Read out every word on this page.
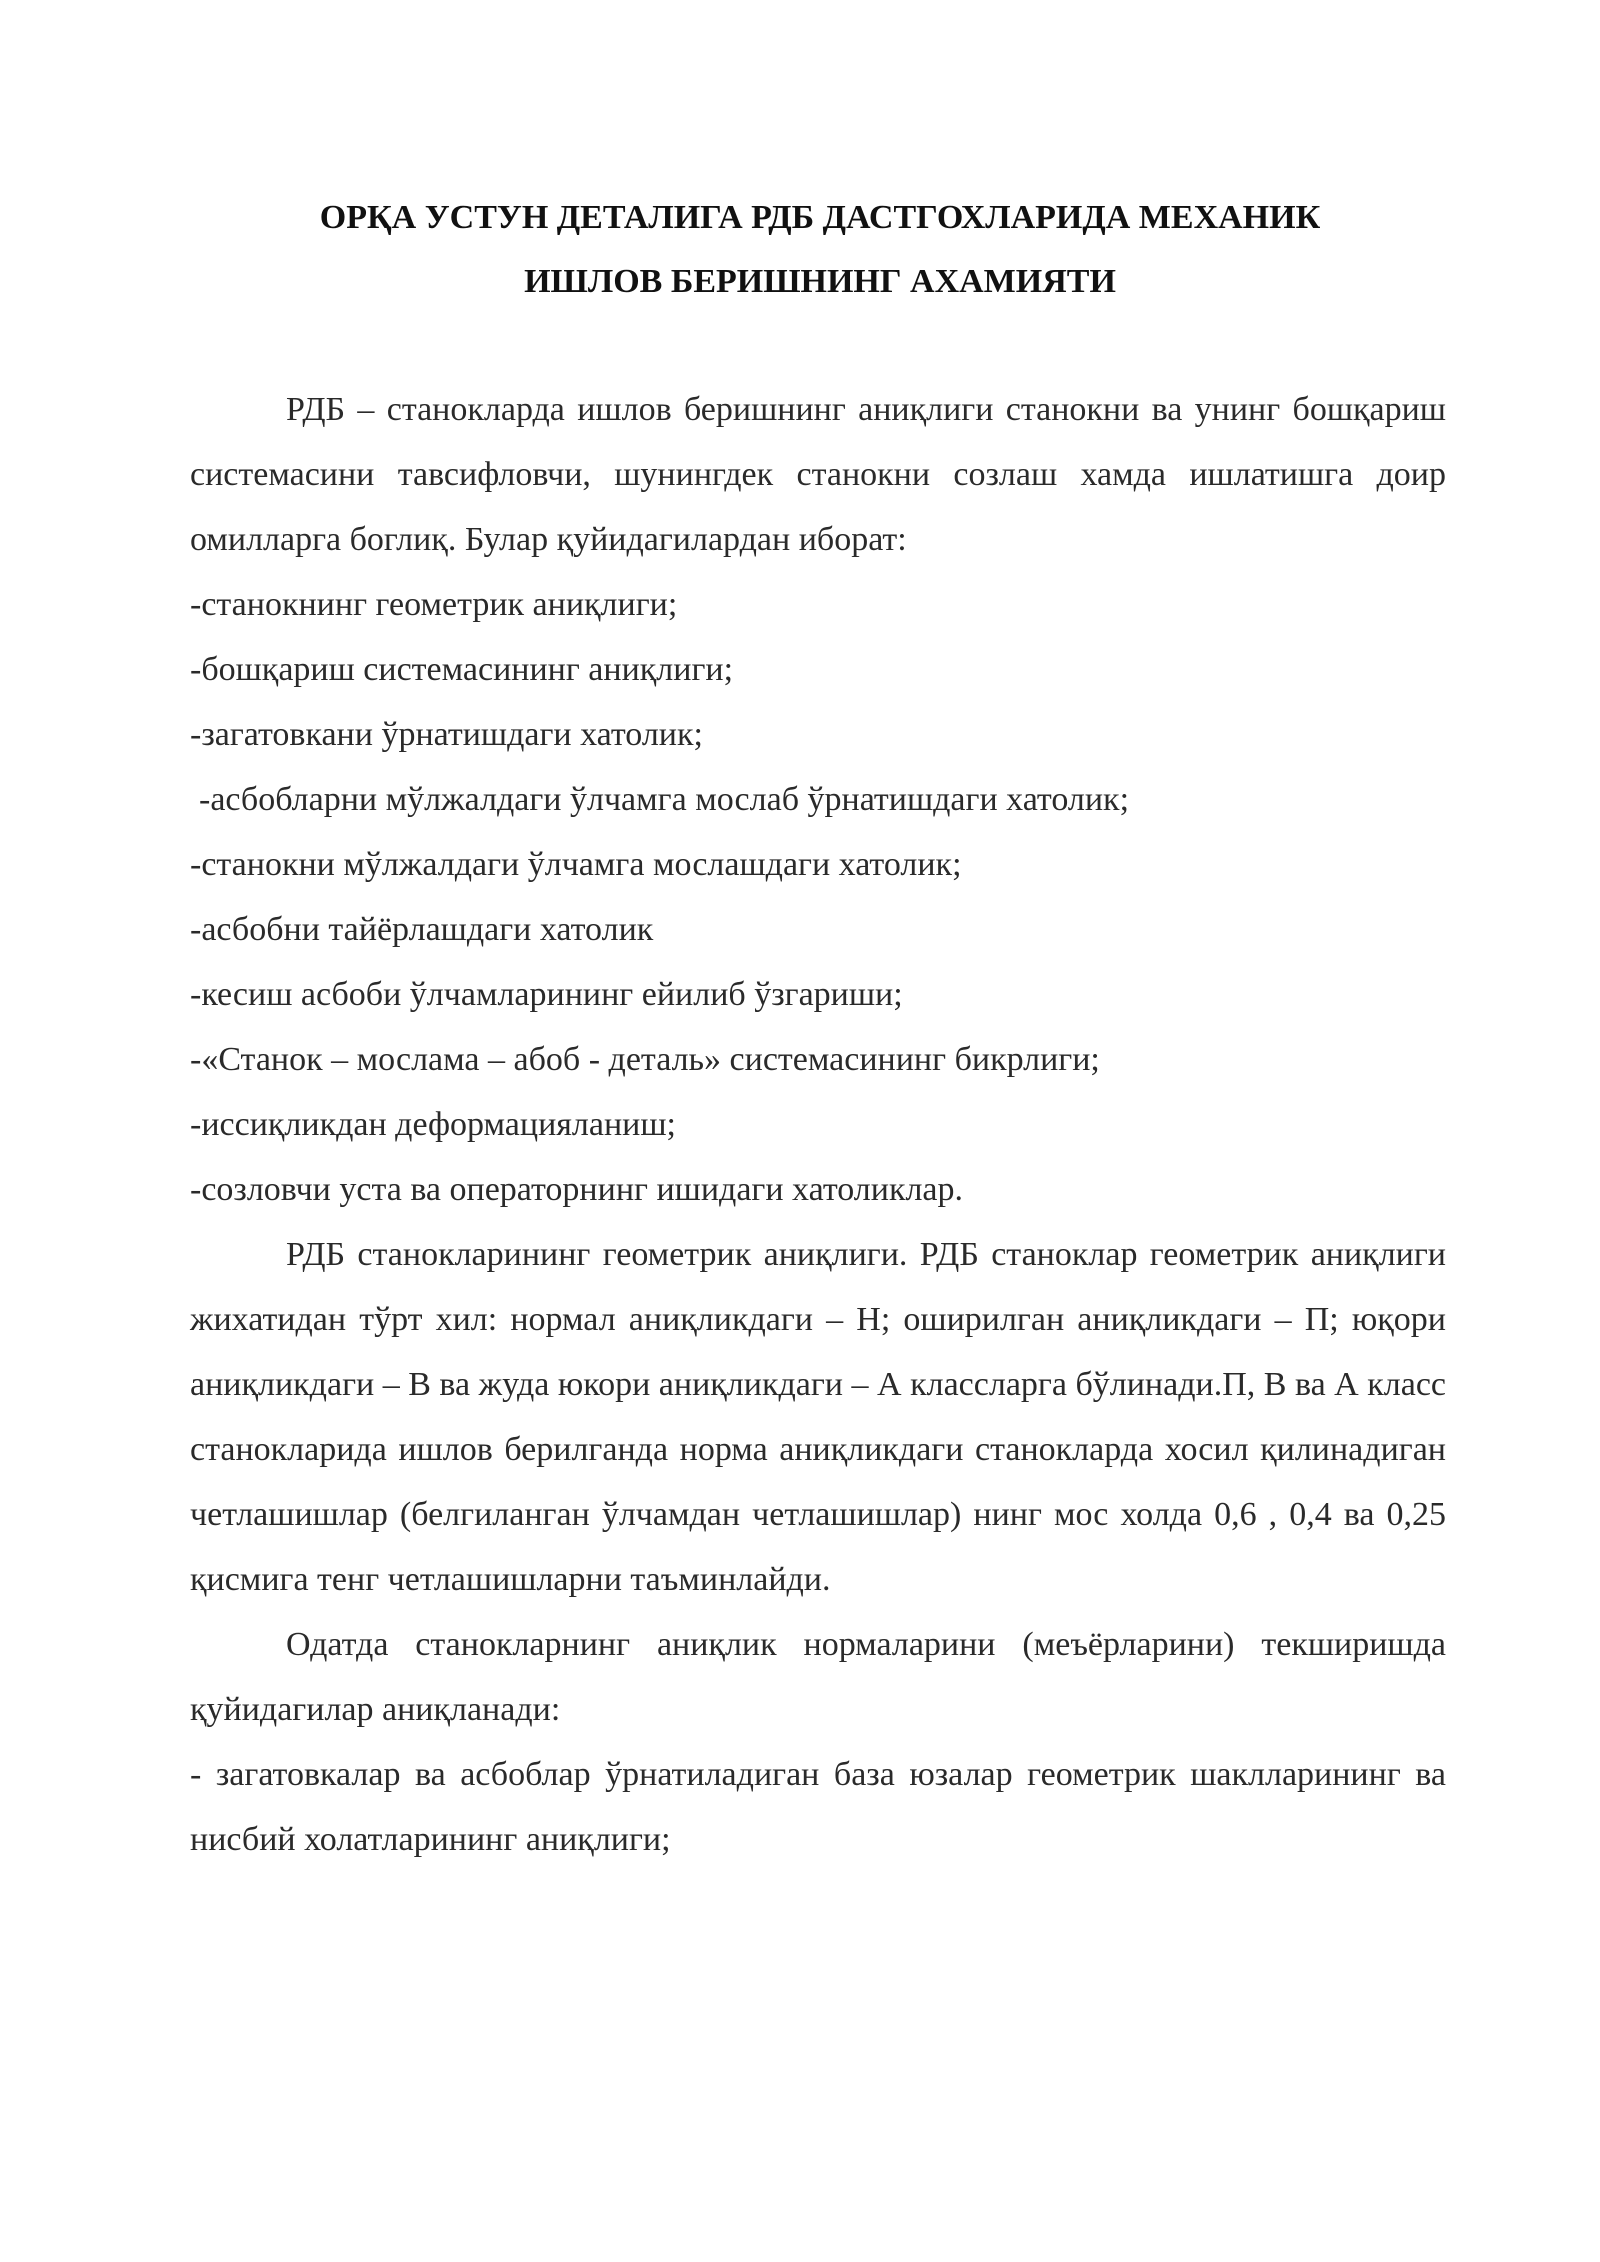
ОРҚА УСТУН ДЕТАЛИГА РДБ ДАСТГОХЛАРИДА МЕХАНИК
ИШЛОВ БЕРИШНИНГ АХАМИЯТИ

РДБ – станокларда ишлов беришнинг аниқлиги станокни ва унинг бошқариш системасини тавсифловчи, шунингдек станокни созлаш хамда ишлатишга доир омилларга боглиқ. Булар қуйидагилардан иборат:

-станокнинг геометрик аниқлиги;

-бошқариш системасининг аниқлиги;

-загатовкани ўрнатишдаги хатолик;

-асбобларни мўлжалдаги ўлчамга мослаб ўрнатишдаги хатолик;

-станокни мўлжалдаги ўлчамга мослашдаги хатолик;

-асбобни тайёрлашдаги хатолик

-кесиш асбоби ўлчамларининг ейилиб ўзгариши;

-«Станок – мослама – абоб - деталь» системасининг бикрлиги;

-иссиқликдан деформацияланиш;

-созловчи уста ва операторнинг ишидаги хатоликлар.

РДБ станокларининг геометрик аниқлиги. РДБ станоклар геометрик аниқлиги жихатидан тўрт хил: нормал аниқликдаги – Н; оширилган аниқликдаги – П; юқори аниқликдаги – В ва жуда юкори аниқликдаги – А классларга бўлинади.П, В ва А класс станокларида ишлов берилганда норма аниқликдаги станокларда хосил қилинадиган четлашишлар (белгиланган ўлчамдан четлашишлар) нинг мос холда 0,6 , 0,4 ва 0,25 қисмига тенг четлашишларни таъминлайди.

Одатда станокларнинг аниқлик нормаларини (меъёрларини) текширишда қуйидагилар аниқланади:

- загатовкалар ва асбоблар ўрнатиладиган база юзалар геометрик шаклларининг ва нисбий холатларининг аниқлиги;
